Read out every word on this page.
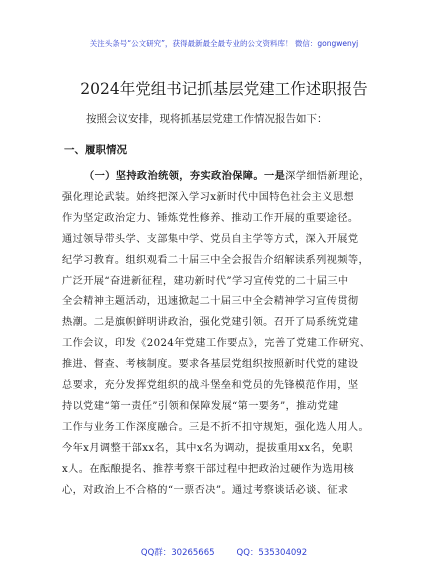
关注头条号“公文研究”，获得最新最全最专业的公文资料库！ 微信：gongwenyj
2024年党组书记抓基层党建工作述职报告
按照会议安排，现将抓基层党建工作情况报告如下：
一、履职情况
（一）坚持政治统领，夯实政治保障。一是深学细悟新理论，
强化理论武装。始终把深入学习x新时代中国特色社会主义思想
作为坚定政治定力、锤炼党性修养、推动工作开展的重要途径。
通过领导带头学、支部集中学、党员自主学等方式，深入开展党
纪学习教育。组织观看二十届三中全会报告介绍解读系列视频等，
广泛开展“奋进新征程，建功新时代”学习宣传党的二十届三中
全会精神主题活动，迅速掀起二十届三中全会精神学习宣传贯彻
热潮。二是旗帜鲜明讲政治，强化党建引领。召开了局系统党建
工作会议，印发《2024年党建工作要点》，完善了党建工作研究、
推进、督查、考核制度。要求各基层党组织按照新时代党的建设
总要求，充分发挥党组织的战斗堡垒和党员的先锋模范作用，坚
持以党建“第一责任”引领和保障发展“第一要务”，推动党建
工作与业务工作深度融合。三是不折不扣守规矩，强化选人用人。
今年x月调整干部xx名，其中x名为调动，提拔重用xx名，免职
x人。在酝酿提名、推荐考察干部过程中把政治过硬作为选用核
心，对政治上不合格的“一票否决”。通过考察谈话必谈、征求
QQ群：30265665	QQ：535304092
